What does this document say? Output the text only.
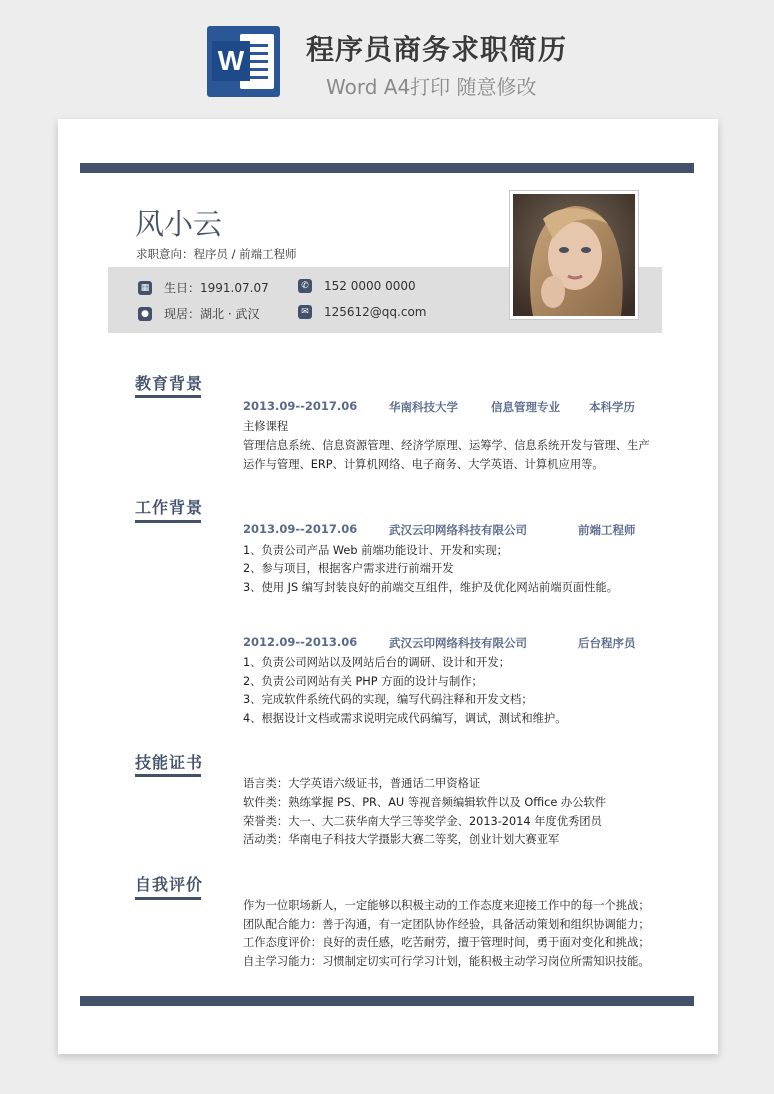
W 程序员商务求职简历
Word A4打印 随意修改
风小云
求职意向：程序员 / 前端工程师
▦ 生日：1991.07.07
● 现居：湖北 · 武汉
✆ 152 0000 0000
✉ 125612@qq.com
教育背景
2013.09--2017.06	华南科技大学	信息管理专业	本科学历
主修课程
管理信息系统、信息资源管理、经济学原理、运筹学、信息系统开发与管理、生产
运作与管理、ERP、计算机网络、电子商务、大学英语、计算机应用等。
工作背景
2013.09--2017.06	武汉云印网络科技有限公司	前端工程师
1、负责公司产品 Web 前端功能设计、开发和实现；
2、参与项目，根据客户需求进行前端开发
3、使用 JS 编写封装良好的前端交互组件，维护及优化网站前端页面性能。
2012.09--2013.06	武汉云印网络科技有限公司	后台程序员
1、负责公司网站以及网站后台的调研、设计和开发；
2、负责公司网站有关 PHP 方面的设计与制作；
3、完成软件系统代码的实现，编写代码注释和开发文档；
4、根据设计文档或需求说明完成代码编写，调试，测试和维护。
技能证书
语言类：大学英语六级证书，普通话二甲资格证
软件类：熟练掌握 PS、PR、AU 等视音频编辑软件以及 Office 办公软件
荣誉类：大一、大二获华南大学三等奖学金、2013-2014 年度优秀团员
活动类：华南电子科技大学摄影大赛二等奖，创业计划大赛亚军
自我评价
作为一位职场新人，一定能够以积极主动的工作态度来迎接工作中的每一个挑战；
团队配合能力：善于沟通，有一定团队协作经验，具备活动策划和组织协调能力；
工作态度评价：良好的责任感，吃苦耐劳，擅于管理时间，勇于面对变化和挑战；
自主学习能力：习惯制定切实可行学习计划，能积极主动学习岗位所需知识技能。
